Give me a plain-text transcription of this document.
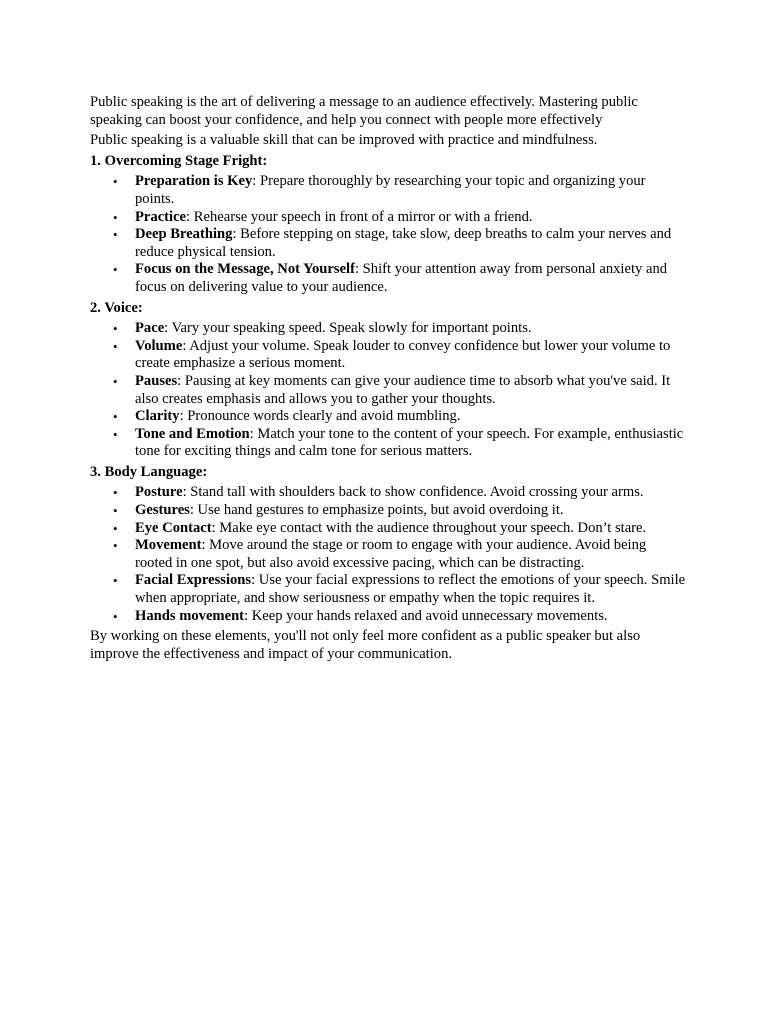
Public speaking is the art of delivering a message to an audience effectively. Mastering public speaking can boost your confidence, and help you connect with people more effectively

Public speaking is a valuable skill that can be improved with practice and mindfulness.

1. Overcoming Stage Fright:

• Preparation is Key: Prepare thoroughly by researching your topic and organizing your points.
• Practice: Rehearse your speech in front of a mirror or with a friend.
• Deep Breathing: Before stepping on stage, take slow, deep breaths to calm your nerves and reduce physical tension.
• Focus on the Message, Not Yourself: Shift your attention away from personal anxiety and focus on delivering value to your audience.

2. Voice:

• Pace: Vary your speaking speed. Speak slowly for important points.
• Volume: Adjust your volume. Speak louder to convey confidence but lower your volume to create emphasize a serious moment.
• Pauses: Pausing at key moments can give your audience time to absorb what you've said. It also creates emphasis and allows you to gather your thoughts.
• Clarity: Pronounce words clearly and avoid mumbling.
• Tone and Emotion: Match your tone to the content of your speech. For example, enthusiastic tone for exciting things and calm tone for serious matters.

3. Body Language:

• Posture: Stand tall with shoulders back to show confidence. Avoid crossing your arms.
• Gestures: Use hand gestures to emphasize points, but avoid overdoing it.
• Eye Contact: Make eye contact with the audience throughout your speech. Don’t stare.
• Movement: Move around the stage or room to engage with your audience. Avoid being rooted in one spot, but also avoid excessive pacing, which can be distracting.
• Facial Expressions: Use your facial expressions to reflect the emotions of your speech. Smile when appropriate, and show seriousness or empathy when the topic requires it.
• Hands movement: Keep your hands relaxed and avoid unnecessary movements.

By working on these elements, you'll not only feel more confident as a public speaker but also improve the effectiveness and impact of your communication.
